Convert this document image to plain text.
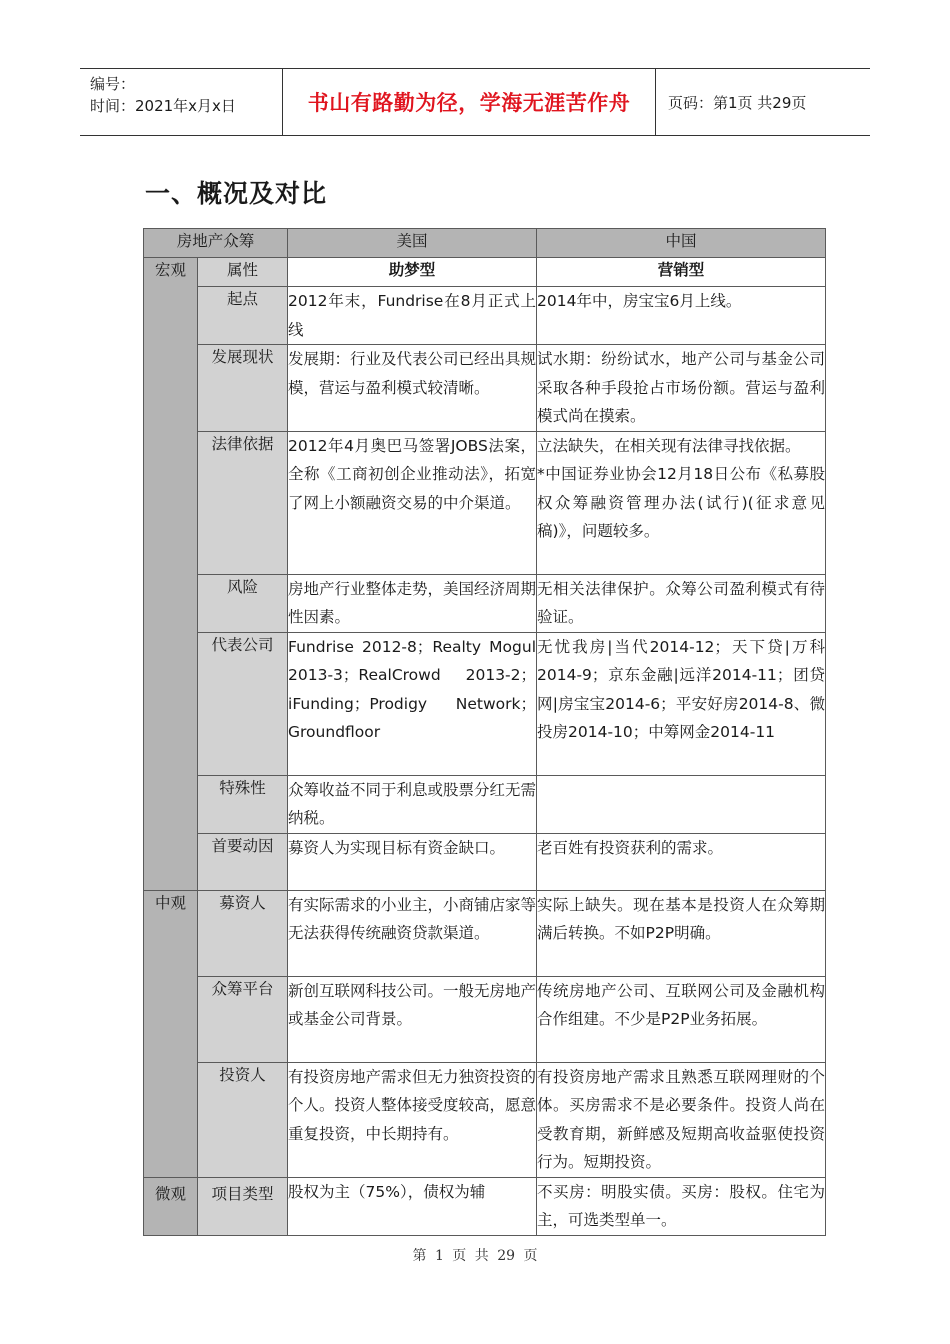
编号：
时间：2021年x月x日	书山有路勤为径，学海无涯苦作舟	页码：第1页 共29页
一、概况及对比
房地产众筹		美国	中国
宏观	属性	助梦型	营销型
	起点	2012年末，Fundrise在8月正式上线	2014年中，房宝宝6月上线。
	发展现状	发展期：行业及代表公司已经出具规模，营运与盈利模式较清晰。	试水期：纷纷试水，地产公司与基金公司采取各种手段抢占市场份额。营运与盈利模式尚在摸索。
	法律依据	2012年4月奥巴马签署JOBS法案，全称《工商初创企业推动法》，拓宽了网上小额融资交易的中介渠道。	立法缺失，在相关现有法律寻找依据。
*中国证券业协会12月18日公布《私募股权众筹融资管理办法(试行)(征求意见稿)》，问题较多。

	风险	房地产行业整体走势，美国经济周期性因素。	无相关法律保护。众筹公司盈利模式有待验证。
	代表公司	Fundrise 2012-8；Realty Mogul 2013-3；RealCrowd 2013-2；iFunding；Prodigy Network；Groundfloor	无忧我房|当代2014-12；天下贷|万科2014-9；京东金融|远洋2014-11；团贷网|房宝宝2014-6；平安好房2014-8、微投房2014-10；中筹网金2014-11
	特殊性	众筹收益不同于利息或股票分红无需纳税。	
	首要动因	募资人为实现目标有资金缺口。	老百姓有投资获利的需求。
中观	募资人	有实际需求的小业主，小商铺店家等无法获得传统融资贷款渠道。	实际上缺失。现在基本是投资人在众筹期满后转换。不如P2P明确。
	众筹平台	新创互联网科技公司。一般无房地产或基金公司背景。	传统房地产公司、互联网公司及金融机构合作组建。不少是P2P业务拓展。
	投资人	有投资房地产需求但无力独资投资的个人。投资人整体接受度较高，愿意重复投资，中长期持有。	有投资房地产需求且熟悉互联网理财的个体。买房需求不是必要条件。投资人尚在受教育期，新鲜感及短期高收益驱使投资行为。短期投资。
微观	项目类型	股权为主（75%），债权为辅	不买房：明股实债。买房：股权。住宅为主，可选类型单一。
第 1 页 共 29 页
